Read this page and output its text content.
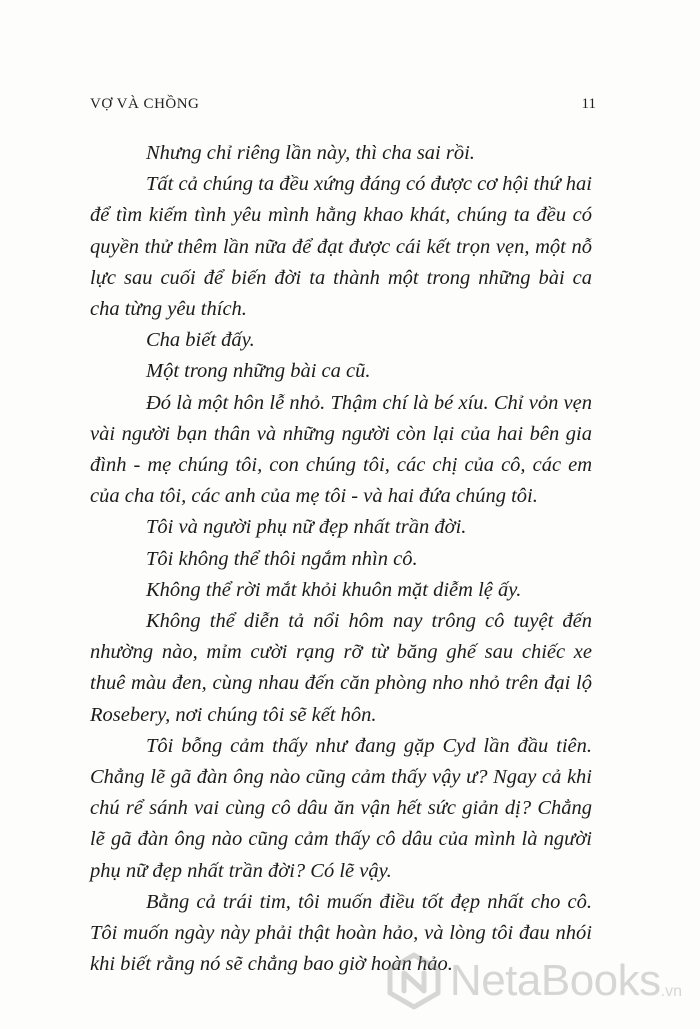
VỢ VÀ CHỒNG	11

Nhưng chỉ riêng lần này, thì cha sai rồi.

Tất cả chúng ta đều xứng đáng có được cơ hội thứ hai để tìm kiếm tình yêu mình hằng khao khát, chúng ta đều có quyền thử thêm lần nữa để đạt được cái kết trọn vẹn, một nỗ lực sau cuối để biến đời ta thành một trong những bài ca cha từng yêu thích.

Cha biết đấy.

Một trong những bài ca cũ.

Đó là một hôn lễ nhỏ. Thậm chí là bé xíu. Chỉ vỏn vẹn vài người bạn thân và những người còn lại của hai bên gia đình - mẹ chúng tôi, con chúng tôi, các chị của cô, các em của cha tôi, các anh của mẹ tôi - và hai đứa chúng tôi.

Tôi và người phụ nữ đẹp nhất trần đời.

Tôi không thể thôi ngắm nhìn cô.

Không thể rời mắt khỏi khuôn mặt diễm lệ ấy.

Không thể diễn tả nổi hôm nay trông cô tuyệt đến nhường nào, mỉm cười rạng rỡ từ băng ghế sau chiếc xe thuê màu đen, cùng nhau đến căn phòng nho nhỏ trên đại lộ Rosebery, nơi chúng tôi sẽ kết hôn.

Tôi bỗng cảm thấy như đang gặp Cyd lần đầu tiên. Chẳng lẽ gã đàn ông nào cũng cảm thấy vậy ư? Ngay cả khi chú rể sánh vai cùng cô dâu ăn vận hết sức giản dị? Chẳng lẽ gã đàn ông nào cũng cảm thấy cô dâu của mình là người phụ nữ đẹp nhất trần đời? Có lẽ vậy.

Bằng cả trái tim, tôi muốn điều tốt đẹp nhất cho cô. Tôi muốn ngày này phải thật hoàn hảo, và lòng tôi đau nhói khi biết rằng nó sẽ chẳng bao giờ hoàn hảo.

NetaBooks .vn
